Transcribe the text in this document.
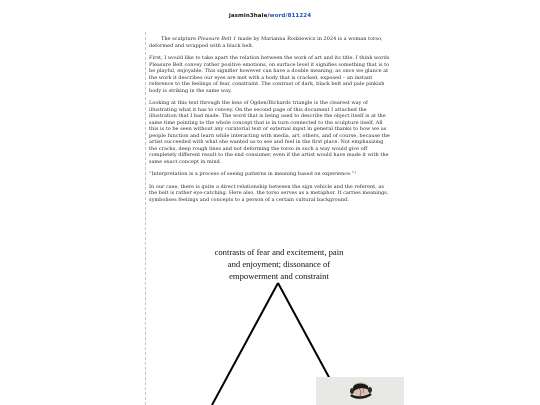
jasmin3hale/word/811224

The sculpture Pleasure Belt 1 made by Marianna Rodziewicz in 2024 is a woman torso, deformed and wrapped with a black belt.

First, I would like to take apart the relation between the work of art and its title. I think words Pleasure Belt convey rather positive emotions, on surface level it signifies something that is to be playful, enjoyable. This signifier however can have a double meaning, as once we glance at the work it describes our eyes are met with a body that is cracked, exposed – an instant reference to the feelings of fear, constraint. The contrast of dark, black belt and pale pinkish body is striking in the same way.

Looking at this text through the lens of Ogden/Richards triangle is the clearest way of illustrating what it has to convey. On the second page of this document I attached the illustration that I had made. The word that is being used to describe the object itself is at the same time pointing to the whole concept that is in turn connected to the sculpture itself. All this is to be seen without any curatorial text or external input in general thanks to how we as people function and learn while interacting with media, art, others, and of course, because the artist succeeded with what she wanted us to see and feel in the first place. Not emphasizing the cracks, deep rough lines and not deforming the torso in such a way would give off completely different result to the end consumer, even if the artist would have made it with the same exact concept in mind.

“Interpretation is a process of seeing patterns in meaning based on experience.”¹

In our case, there is quite a direct relationship between the sign vehicle and the referent, as the belt is rather eye-catching. Here also, the torso serves as a metaphor. It carries meanings, symbolises feelings and concepts to a person of a certain cultural background.

contrasts of fear and excitement, pain
and enjoyment; dissonance of
empowerment and constraint
